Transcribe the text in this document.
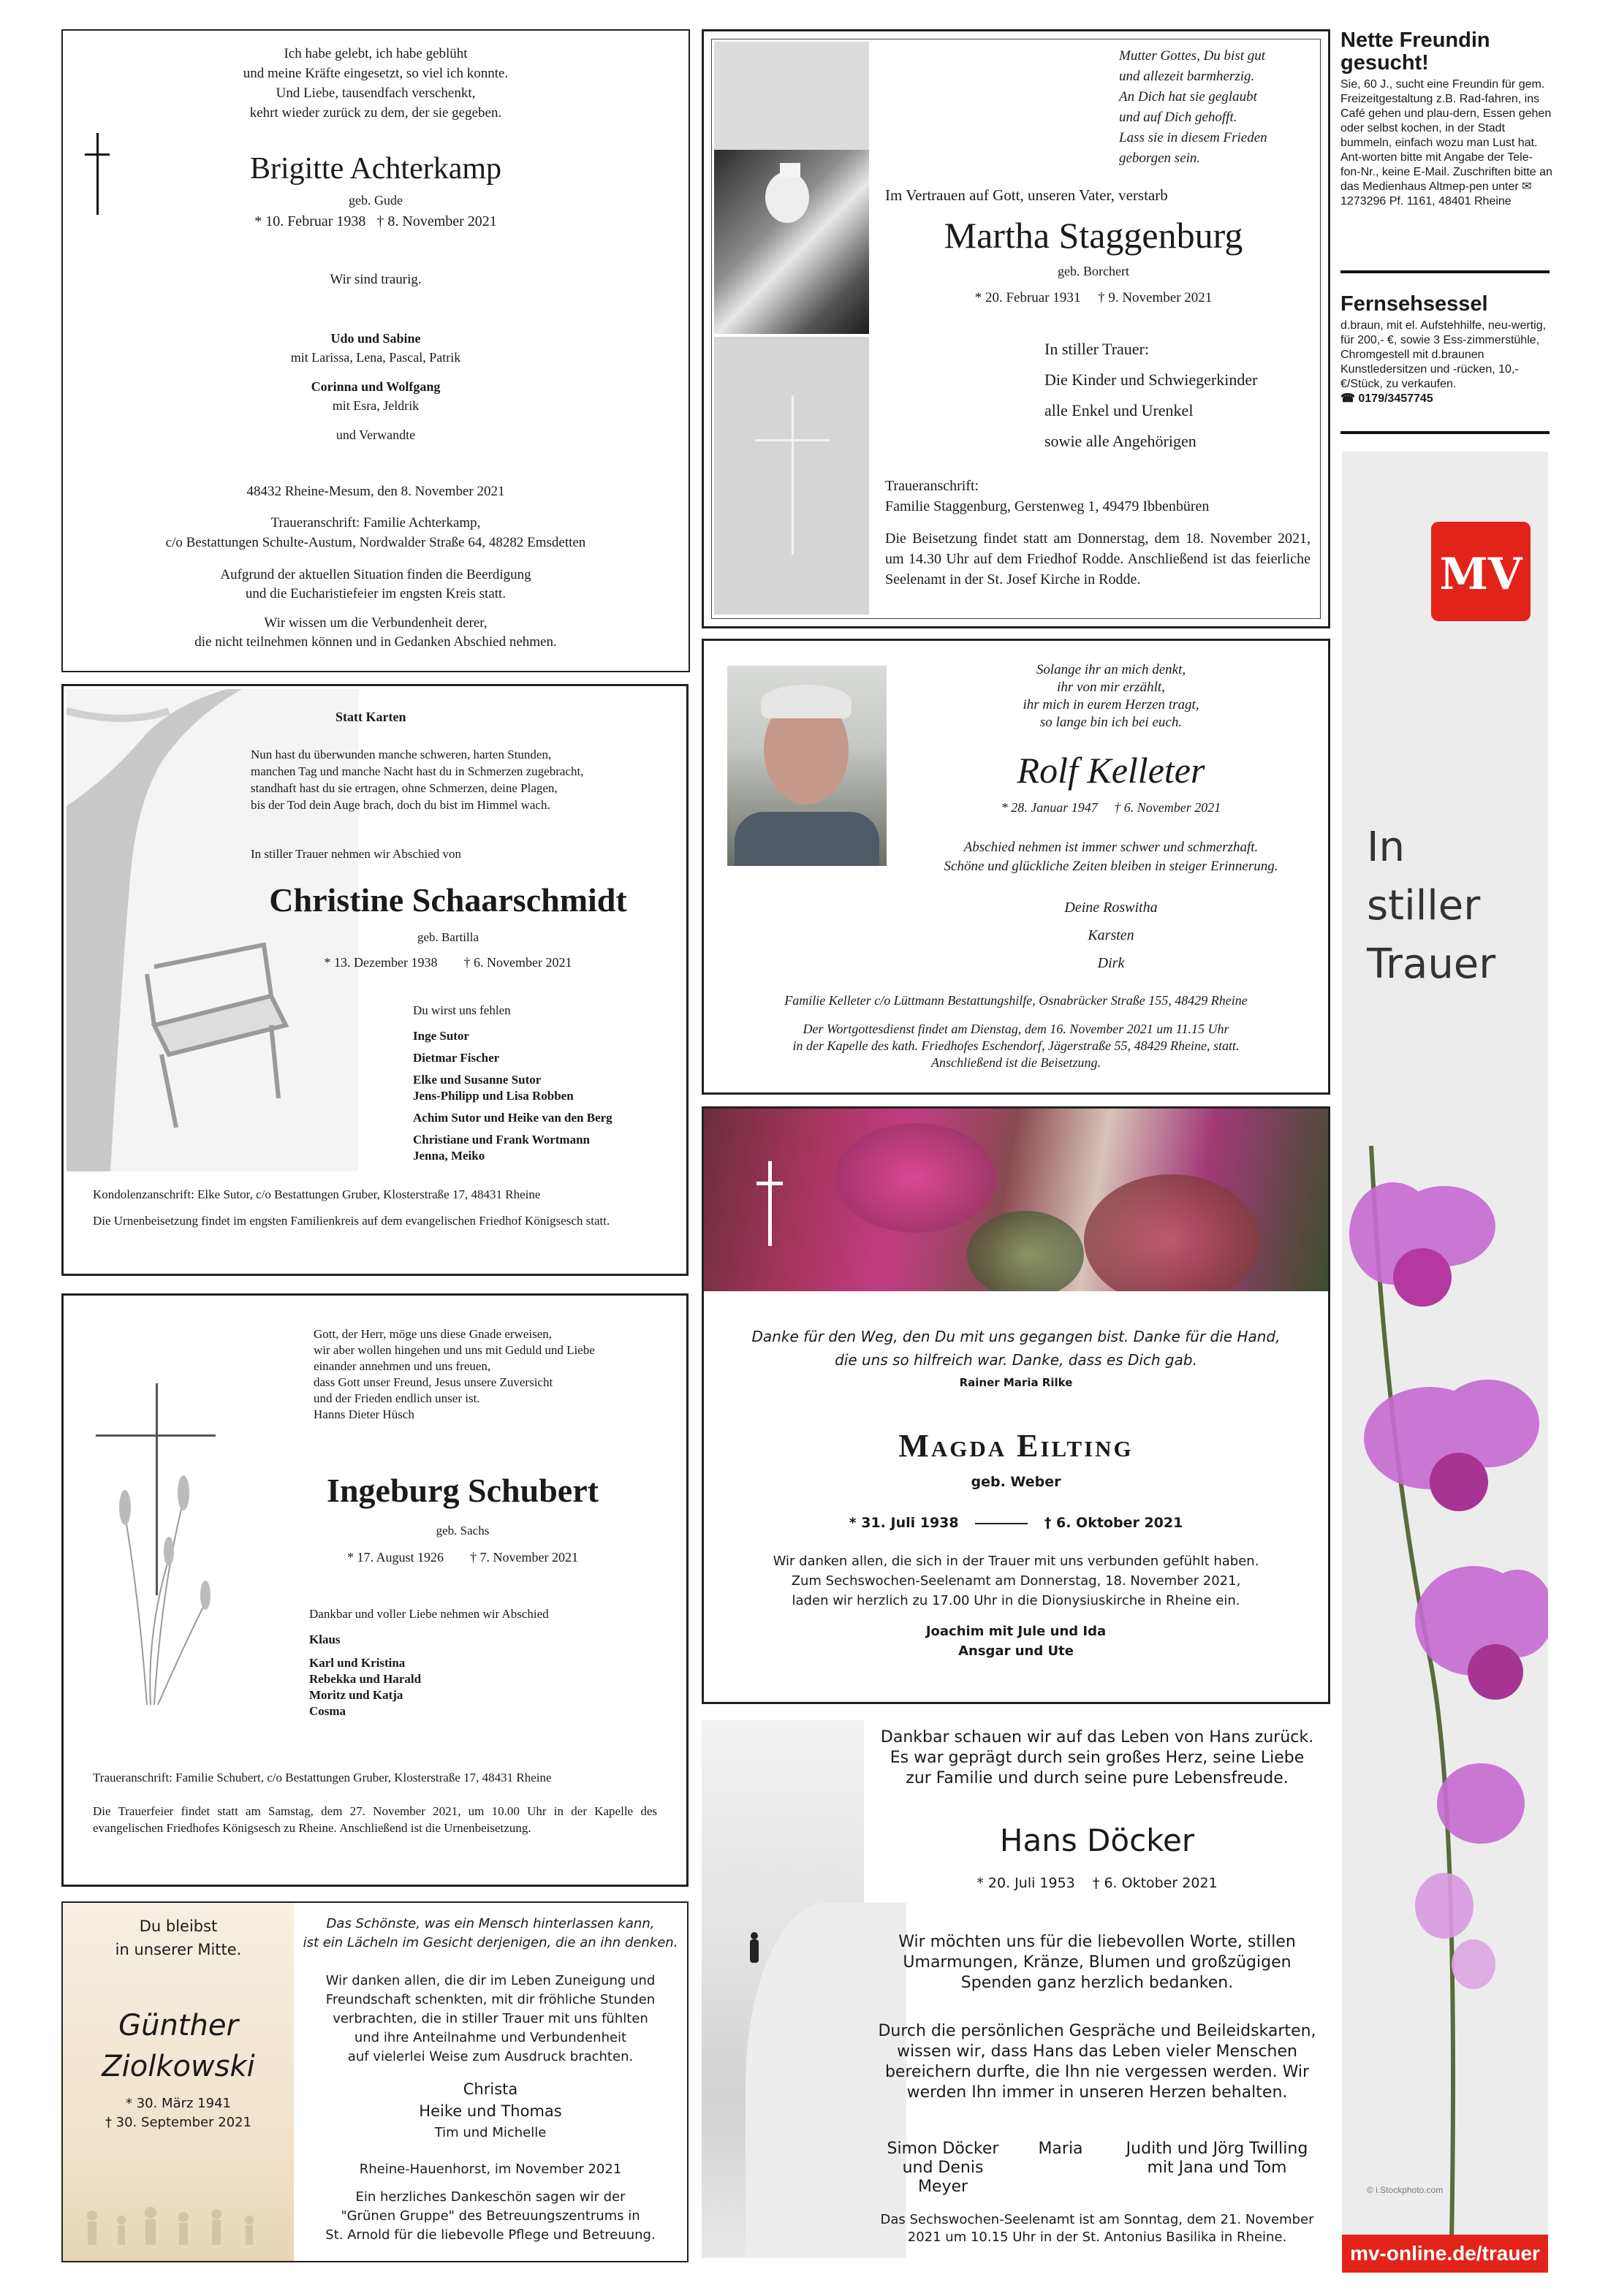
Ich habe gelebt, ich habe geblüht
und meine Kräfte eingesetzt, so viel ich konnte.
Und Liebe, tausendfach verschenkt,
kehrt wieder zurück zu dem, der sie gegeben.
Brigitte Achterkamp
geb. Gude
* 10. Februar 1938   † 8. November 2021
Wir sind traurig.
Udo und Sabine
mit Larissa, Lena, Pascal, Patrik
Corinna und Wolfgang
mit Esra, Jeldrik
und Verwandte
48432 Rheine-Mesum, den 8. November 2021
Traueranschrift: Familie Achterkamp,
c/o Bestattungen Schulte-Austum, Nordwalder Straße 64, 48282 Emsdetten
Aufgrund der aktuellen Situation finden die Beerdigung
und die Eucharistiefeier im engsten Kreis statt.
Wir wissen um die Verbundenheit derer,
die nicht teilnehmen können und in Gedanken Abschied nehmen.
Mutter Gottes, Du bist gut
und allezeit barmherzig.
An Dich hat sie geglaubt
und auf Dich gehofft.
Lass sie in diesem Frieden
geborgen sein.
Im Vertrauen auf Gott, unseren Vater, verstarb
Martha Staggenburg
geb. Borchert
* 20. Februar 1931     † 9. November 2021
In stiller Trauer:
Die Kinder und Schwiegerkinder
alle Enkel und Urenkel
sowie alle Angehörigen
Traueranschrift:
Familie Staggenburg, Gerstenweg 1, 49479 Ibbenbüren
Die Beisetzung findet statt am Donnerstag, dem 18. November 2021, um 14.30 Uhr auf dem Friedhof Rodde. Anschließend ist das feierliche Seelenamt in der St. Josef Kirche in Rodde.
Nette Freundin gesucht!
Sie, 60 J., sucht eine Freundin für gem. Freizeitgestaltung z.B. Rad-fahren, ins Café gehen und plau-dern, Essen gehen oder selbst kochen, in der Stadt bummeln, einfach wozu man Lust hat. Ant-worten bitte mit Angabe der Tele-fon-Nr., keine E-Mail. Zuschriften bitte an das Medienhaus Altmep-pen unter ✉ 1273296 Pf. 1161, 48401 Rheine
Fernsehsessel
d.braun, mit el. Aufstehhilfe, neu-wertig, für 200,- €, sowie 3 Ess-zimmerstühle, Chromgestell mit d.braunen Kunstledersitzen und -rücken, 10,- €/Stück, zu verkaufen.
☎ 0179/3457745
MV
In
stiller
Trauer
© i.Stockphoto.com
mv-online.de/trauer
Statt Karten
Nun hast du überwunden manche schweren, harten Stunden,
manchen Tag und manche Nacht hast du in Schmerzen zugebracht,
standhaft hast du sie ertragen, ohne Schmerzen, deine Plagen,
bis der Tod dein Auge brach, doch du bist im Himmel wach.
In stiller Trauer nehmen wir Abschied von
Christine Schaarschmidt
geb. Bartilla
* 13. Dezember 1938        † 6. November 2021
Du wirst uns fehlen
Inge Sutor
Dietmar Fischer
Elke und Susanne Sutor
Jens-Philipp und Lisa Robben
Achim Sutor und Heike van den Berg
Christiane und Frank Wortmann
Jenna, Meiko
Kondolenzanschrift: Elke Sutor, c/o Bestattungen Gruber, Klosterstraße 17, 48431 Rheine
Die Urnenbeisetzung findet im engsten Familienkreis auf dem evangelischen Friedhof Königsesch statt.
Solange ihr an mich denkt,
ihr von mir erzählt,
ihr mich in eurem Herzen tragt,
so lange bin ich bei euch.
Rolf Kelleter
* 28. Januar 1947     † 6. November 2021
Abschied nehmen ist immer schwer und schmerzhaft.
Schöne und glückliche Zeiten bleiben in steiger Erinnerung.
Deine Roswitha
Karsten
Dirk
Familie Kelleter c/o Lüttmann Bestattungshilfe, Osnabrücker Straße 155, 48429 Rheine
Der Wortgottesdienst findet am Dienstag, dem 16. November 2021 um 11.15 Uhr
in der Kapelle des kath. Friedhofes Eschendorf, Jägerstraße 55, 48429 Rheine, statt.
Anschließend ist die Beisetzung.
Danke für den Weg, den Du mit uns gegangen bist. Danke für die Hand,
die uns so hilfreich war. Danke, dass es Dich gab.
Rainer Maria Rilke
Magda Eilting
geb. Weber
* 31. Juli 1938	† 6. Oktober 2021
Wir danken allen, die sich in der Trauer mit uns verbunden gefühlt haben.
Zum Sechswochen-Seelenamt am Donnerstag, 18. November 2021,
laden wir herzlich zu 17.00 Uhr in die Dionysiuskirche in Rheine ein.
Joachim mit Jule und Ida
Ansgar und Ute
Gott, der Herr, möge uns diese Gnade erweisen,
wir aber wollen hingehen und uns mit Geduld und Liebe
einander annehmen und uns freuen,
dass Gott unser Freund, Jesus unsere Zuversicht
und der Frieden endlich unser ist.
Hanns Dieter Hüsch
Ingeburg Schubert
geb. Sachs
* 17. August 1926        † 7. November 2021
Dankbar und voller Liebe nehmen wir Abschied
Klaus
Karl und Kristina
Rebekka und Harald
Moritz und Katja
Cosma
Traueranschrift: Familie Schubert, c/o Bestattungen Gruber, Klosterstraße 17, 48431 Rheine
Die Trauerfeier findet statt am Samstag, dem 27. November 2021, um 10.00 Uhr in der Kapelle des evangelischen Friedhofes Königsesch zu Rheine. Anschließend ist die Urnenbeisetzung.
Dankbar schauen wir auf das Leben von Hans zurück.
Es war geprägt durch sein großes Herz, seine Liebe
zur Familie und durch seine pure Lebensfreude.
Hans Döcker
* 20. Juli 1953    † 6. Oktober 2021
Wir möchten uns für die liebevollen Worte, stillen
Umarmungen, Kränze, Blumen und großzügigen
Spenden ganz herzlich bedanken.
Durch die persönlichen Gespräche und Beileidskarten,
wissen wir, dass Hans das Leben vieler Menschen
bereichern durfte, die Ihn nie vergessen werden. Wir
werden Ihn immer in unseren Herzen behalten.
Simon Döcker
und Denis Meyer
Maria	Judith und Jörg Twilling
mit Jana und Tom
Das Sechswochen-Seelenamt ist am Sonntag, dem 21. November
2021 um 10.15 Uhr in der St. Antonius Basilika in Rheine.
Du bleibst
in unserer Mitte.
Günther
Ziolkowski
* 30. März 1941
† 30. September 2021
Das Schönste, was ein Mensch hinterlassen kann,
ist ein Lächeln im Gesicht derjenigen, die an ihn denken.
Wir danken allen, die dir im Leben Zuneigung und
Freundschaft schenkten, mit dir fröhliche Stunden
verbrachten, die in stiller Trauer mit uns fühlten
und ihre Anteilnahme und Verbundenheit
auf vielerlei Weise zum Ausdruck brachten.
Christa
Heike und Thomas
Tim und Michelle
Rheine-Hauenhorst, im November 2021
Ein herzliches Dankeschön sagen wir der
"Grünen Gruppe" des Betreuungszentrums in
St. Arnold für die liebevolle Pflege und Betreuung.
